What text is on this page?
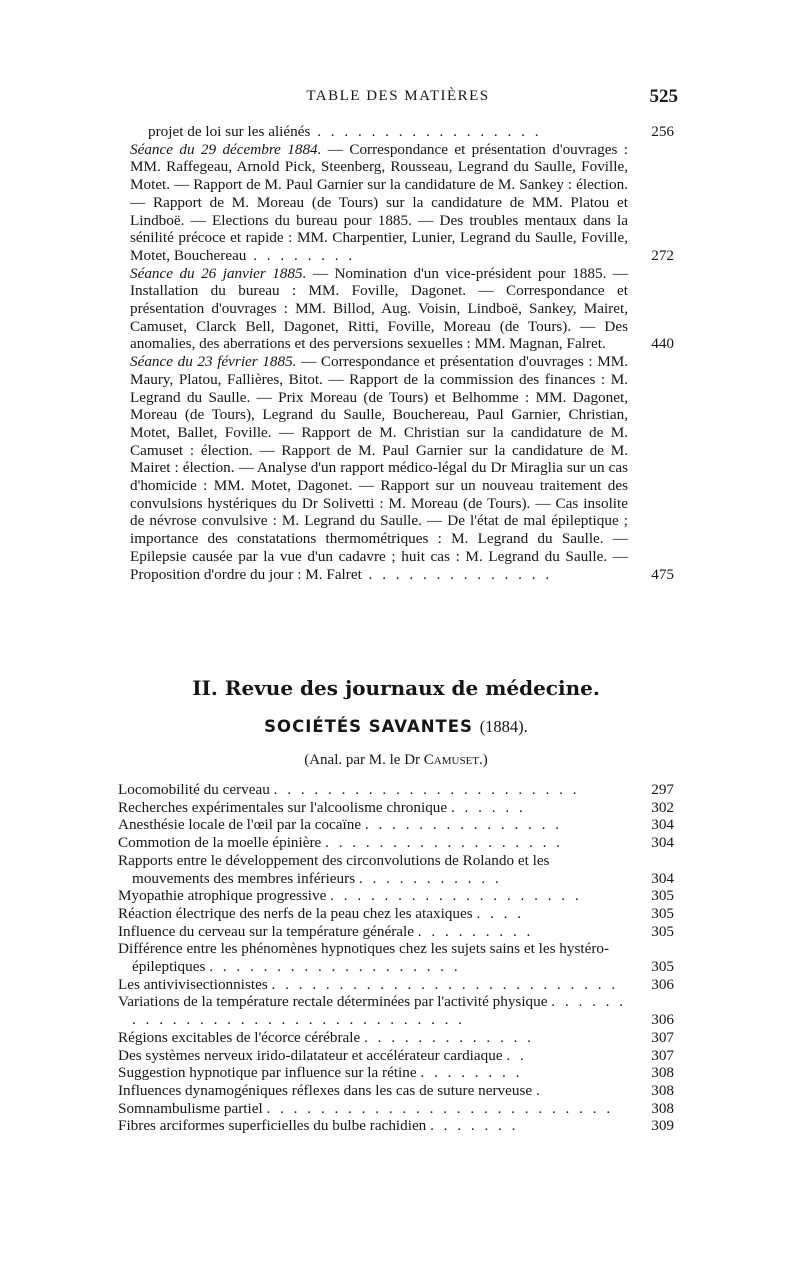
TABLE DES MATIÈRES	525
projet de loi sur les aliénés . . . . . . . . . . . . . . . . .	256
Séance du 29 décembre 1884. — Correspondance et présentation d'ouvrages : MM. Raffegeau, Arnold Pick, Steenberg, Rousseau, Legrand du Saulle, Foville, Motet. — Rapport de M. Paul Garnier sur la candidature de M. Sankey : élection. — Rapport de M. Moreau (de Tours) sur la candidature de MM. Platou et Lindboë. — Elections du bureau pour 1885. — Des troubles mentaux dans la sénilité précoce et rapide : MM. Charpentier, Lunier, Legrand du Saulle, Foville, Motet, Bouchereau . . . . . . . .	272
Séance du 26 janvier 1885. — Nomination d'un vice-président pour 1885. — Installation du bureau : MM. Foville, Dagonet. — Correspondance et présentation d'ouvrages : MM. Billod, Aug. Voisin, Lindboë, Sankey, Mairet, Camuset, Clarck Bell, Dagonet, Ritti, Foville, Moreau (de Tours). — Des anomalies, des aberrations et des perversions sexuelles : MM. Magnan, Falret.	440
Séance du 23 février 1885. — Correspondance et présentation d'ouvrages : MM. Maury, Platou, Fallières, Bitot. — Rapport de la commission des finances : M. Legrand du Saulle. — Prix Moreau (de Tours) et Belhomme : MM. Dagonet, Moreau (de Tours), Legrand du Saulle, Bouchereau, Paul Garnier, Christian, Motet, Ballet, Foville. — Rapport de M. Christian sur la candidature de M. Camuset : élection. — Rapport de M. Paul Garnier sur la candidature de M. Mairet : élection. — Analyse d'un rapport médico-légal du Dr Miraglia sur un cas d'homicide : MM. Motet, Dagonet. — Rapport sur un nouveau traitement des convulsions hystériques du Dr Solivetti : M. Moreau (de Tours). — Cas insolite de névrose convulsive : M. Legrand du Saulle. — De l'état de mal épileptique ; importance des constatations thermométriques : M. Legrand du Saulle. — Epilepsie causée par la vue d'un cadavre ; huit cas : M. Legrand du Saulle. — Proposition d'ordre du jour : M. Falret . . . . . . . . . . . . . .	475
II. Revue des journaux de médecine.
SOCIÉTÉS SAVANTES (1884).
(Anal. par M. le Dr Camuset.)
Locomobilité du cerveau . . . . . . . . . . . . . . . . . . . . . . .	297
Recherches expérimentales sur l'alcoolisme chronique . . . . . .	302
Anesthésie locale de l'œil par la cocaïne . . . . . . . . . . . . . . .	304
Commotion de la moelle épinière . . . . . . . . . . . . . . . . . .	304
Rapports entre le développement des circonvolutions de Rolando et les mouvements des membres inférieurs . . . . . . . . . . .	304
Myopathie atrophique progressive . . . . . . . . . . . . . . . . . . .	305
Réaction électrique des nerfs de la peau chez les ataxiques . . . .	305
Influence du cerveau sur la température générale . . . . . . . . .	305
Différence entre les phénomènes hypnotiques chez les sujets sains et les hystéro-épileptiques . . . . . . . . . . . . . . . . . . .	305
Les antivivisectionnistes . . . . . . . . . . . . . . . . . . . . . . . . . . 306
Variations de la température rectale déterminées par l'activité physique . . . . . . . . . . . . . . . . . . . . . . . . . . . . . . .	306
Régions excitables de l'écorce cérébrale . . . . . . . . . . . . .	307
Des systèmes nerveux irido-dilatateur et accélérateur cardiaque . .	307
Suggestion hypnotique par influence sur la rétine . . . . . . . .	308
Influences dynamogéniques réflexes dans les cas de suture nerveuse .	308
Somnambulisme partiel . . . . . . . . . . . . . . . . . . . . . . . . . .	308
Fibres arciformes superficielles du bulbe rachidien . . . . . . .	309
